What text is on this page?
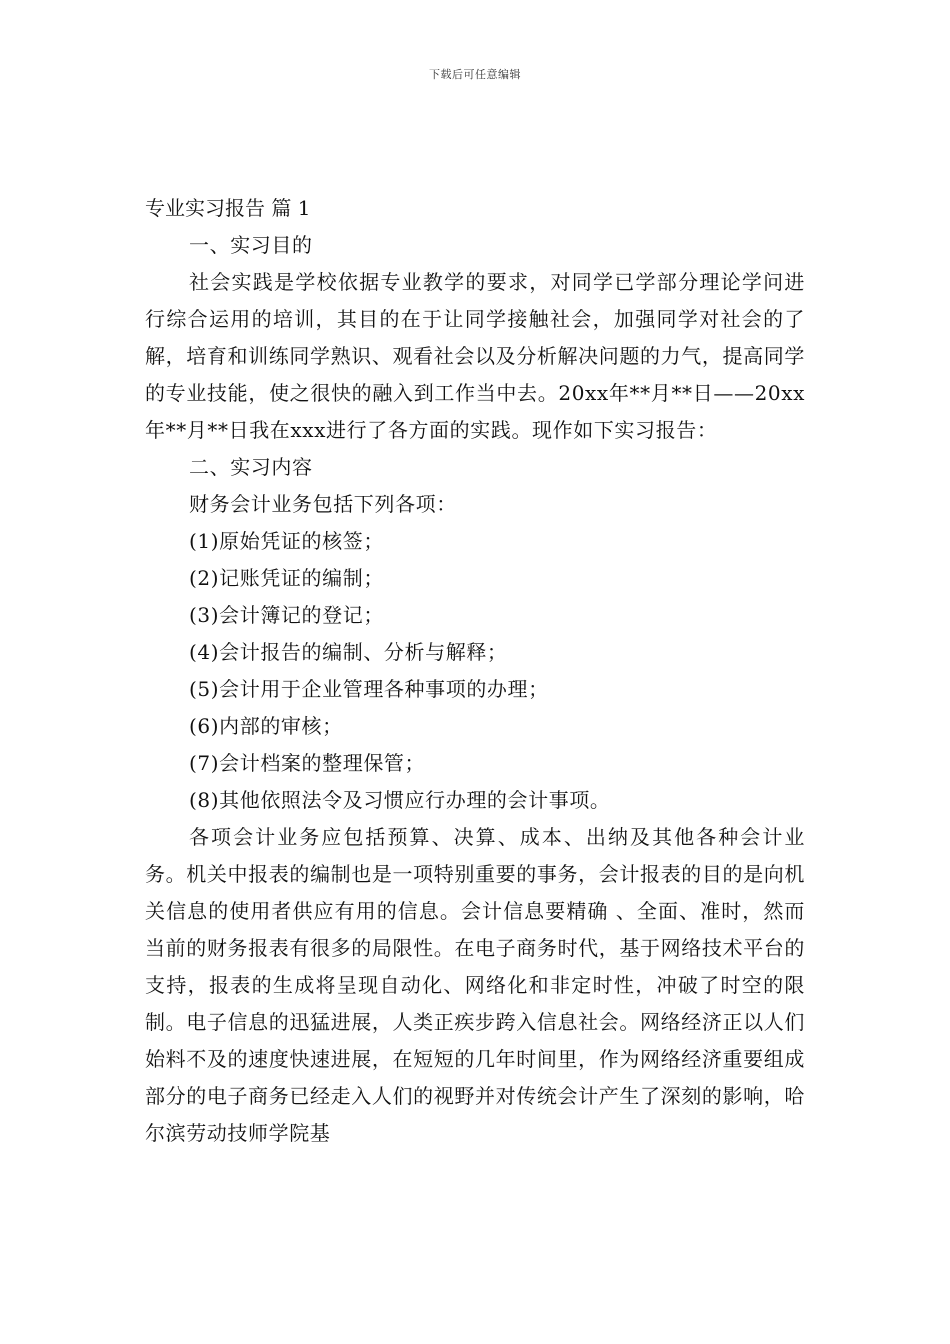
下载后可任意编辑

专业实习报告 篇 1

一、实习目的

社会实践是学校依据专业教学的要求，对同学已学部分理论学问进行综合运用的培训，其目的在于让同学接触社会，加强同学对社会的了解，培育和训练同学熟识、观看社会以及分析解决问题的力气，提高同学的专业技能，使之很快的融入到工作当中去。20xx年**月**日——20xx年**月**日我在xxx进行了各方面的实践。现作如下实习报告：

二、实习内容

财务会计业务包括下列各项：

(1)原始凭证的核签；

(2)记账凭证的编制；

(3)会计簿记的登记；

(4)会计报告的编制、分析与解释；

(5)会计用于企业管理各种事项的办理；

(6)内部的审核；

(7)会计档案的整理保管；

(8)其他依照法令及习惯应行办理的会计事项。

各项会计业务应包括预算、决算、成本、出纳及其他各种会计业务。机关中报表的编制也是一项特别重要的事务，会计报表的目的是向机关信息的使用者供应有用的信息。会计信息要精确 、全面、准时，然而当前的财务报表有很多的局限性。在电子商务时代，基于网络技术平台的支持，报表的生成将呈现自动化、网络化和非定时性，冲破了时空的限制。电子信息的迅猛进展，人类正疾步跨入信息社会。网络经济正以人们始料不及的速度快速进展，在短短的几年时间里，作为网络经济重要组成部分的电子商务已经走入人们的视野并对传统会计产生了深刻的影响，哈尔滨劳动技师学院基
